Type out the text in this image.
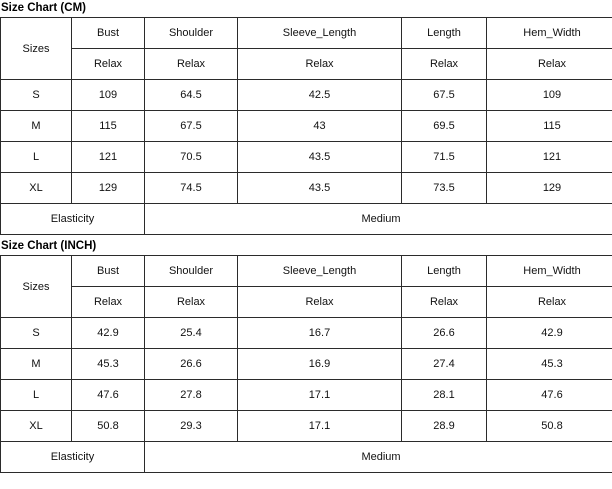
Size Chart (CM)
Sizes	Bust	Shoulder	Sleeve_Length	Length	Hem_Width
	Relax	Relax	Relax	Relax	Relax
S	109	64.5	42.5	67.5	109
M	115	67.5	43	69.5	115
L	121	70.5	43.5	71.5	121
XL	129	74.5	43.5	73.5	129
Elasticity		Medium			
Size Chart (INCH)
Sizes	Bust	Shoulder	Sleeve_Length	Length	Hem_Width
	Relax	Relax	Relax	Relax	Relax
S	42.9	25.4	16.7	26.6	42.9
M	45.3	26.6	16.9	27.4	45.3
L	47.6	27.8	17.1	28.1	47.6
XL	50.8	29.3	17.1	28.9	50.8
Elasticity		Medium			
